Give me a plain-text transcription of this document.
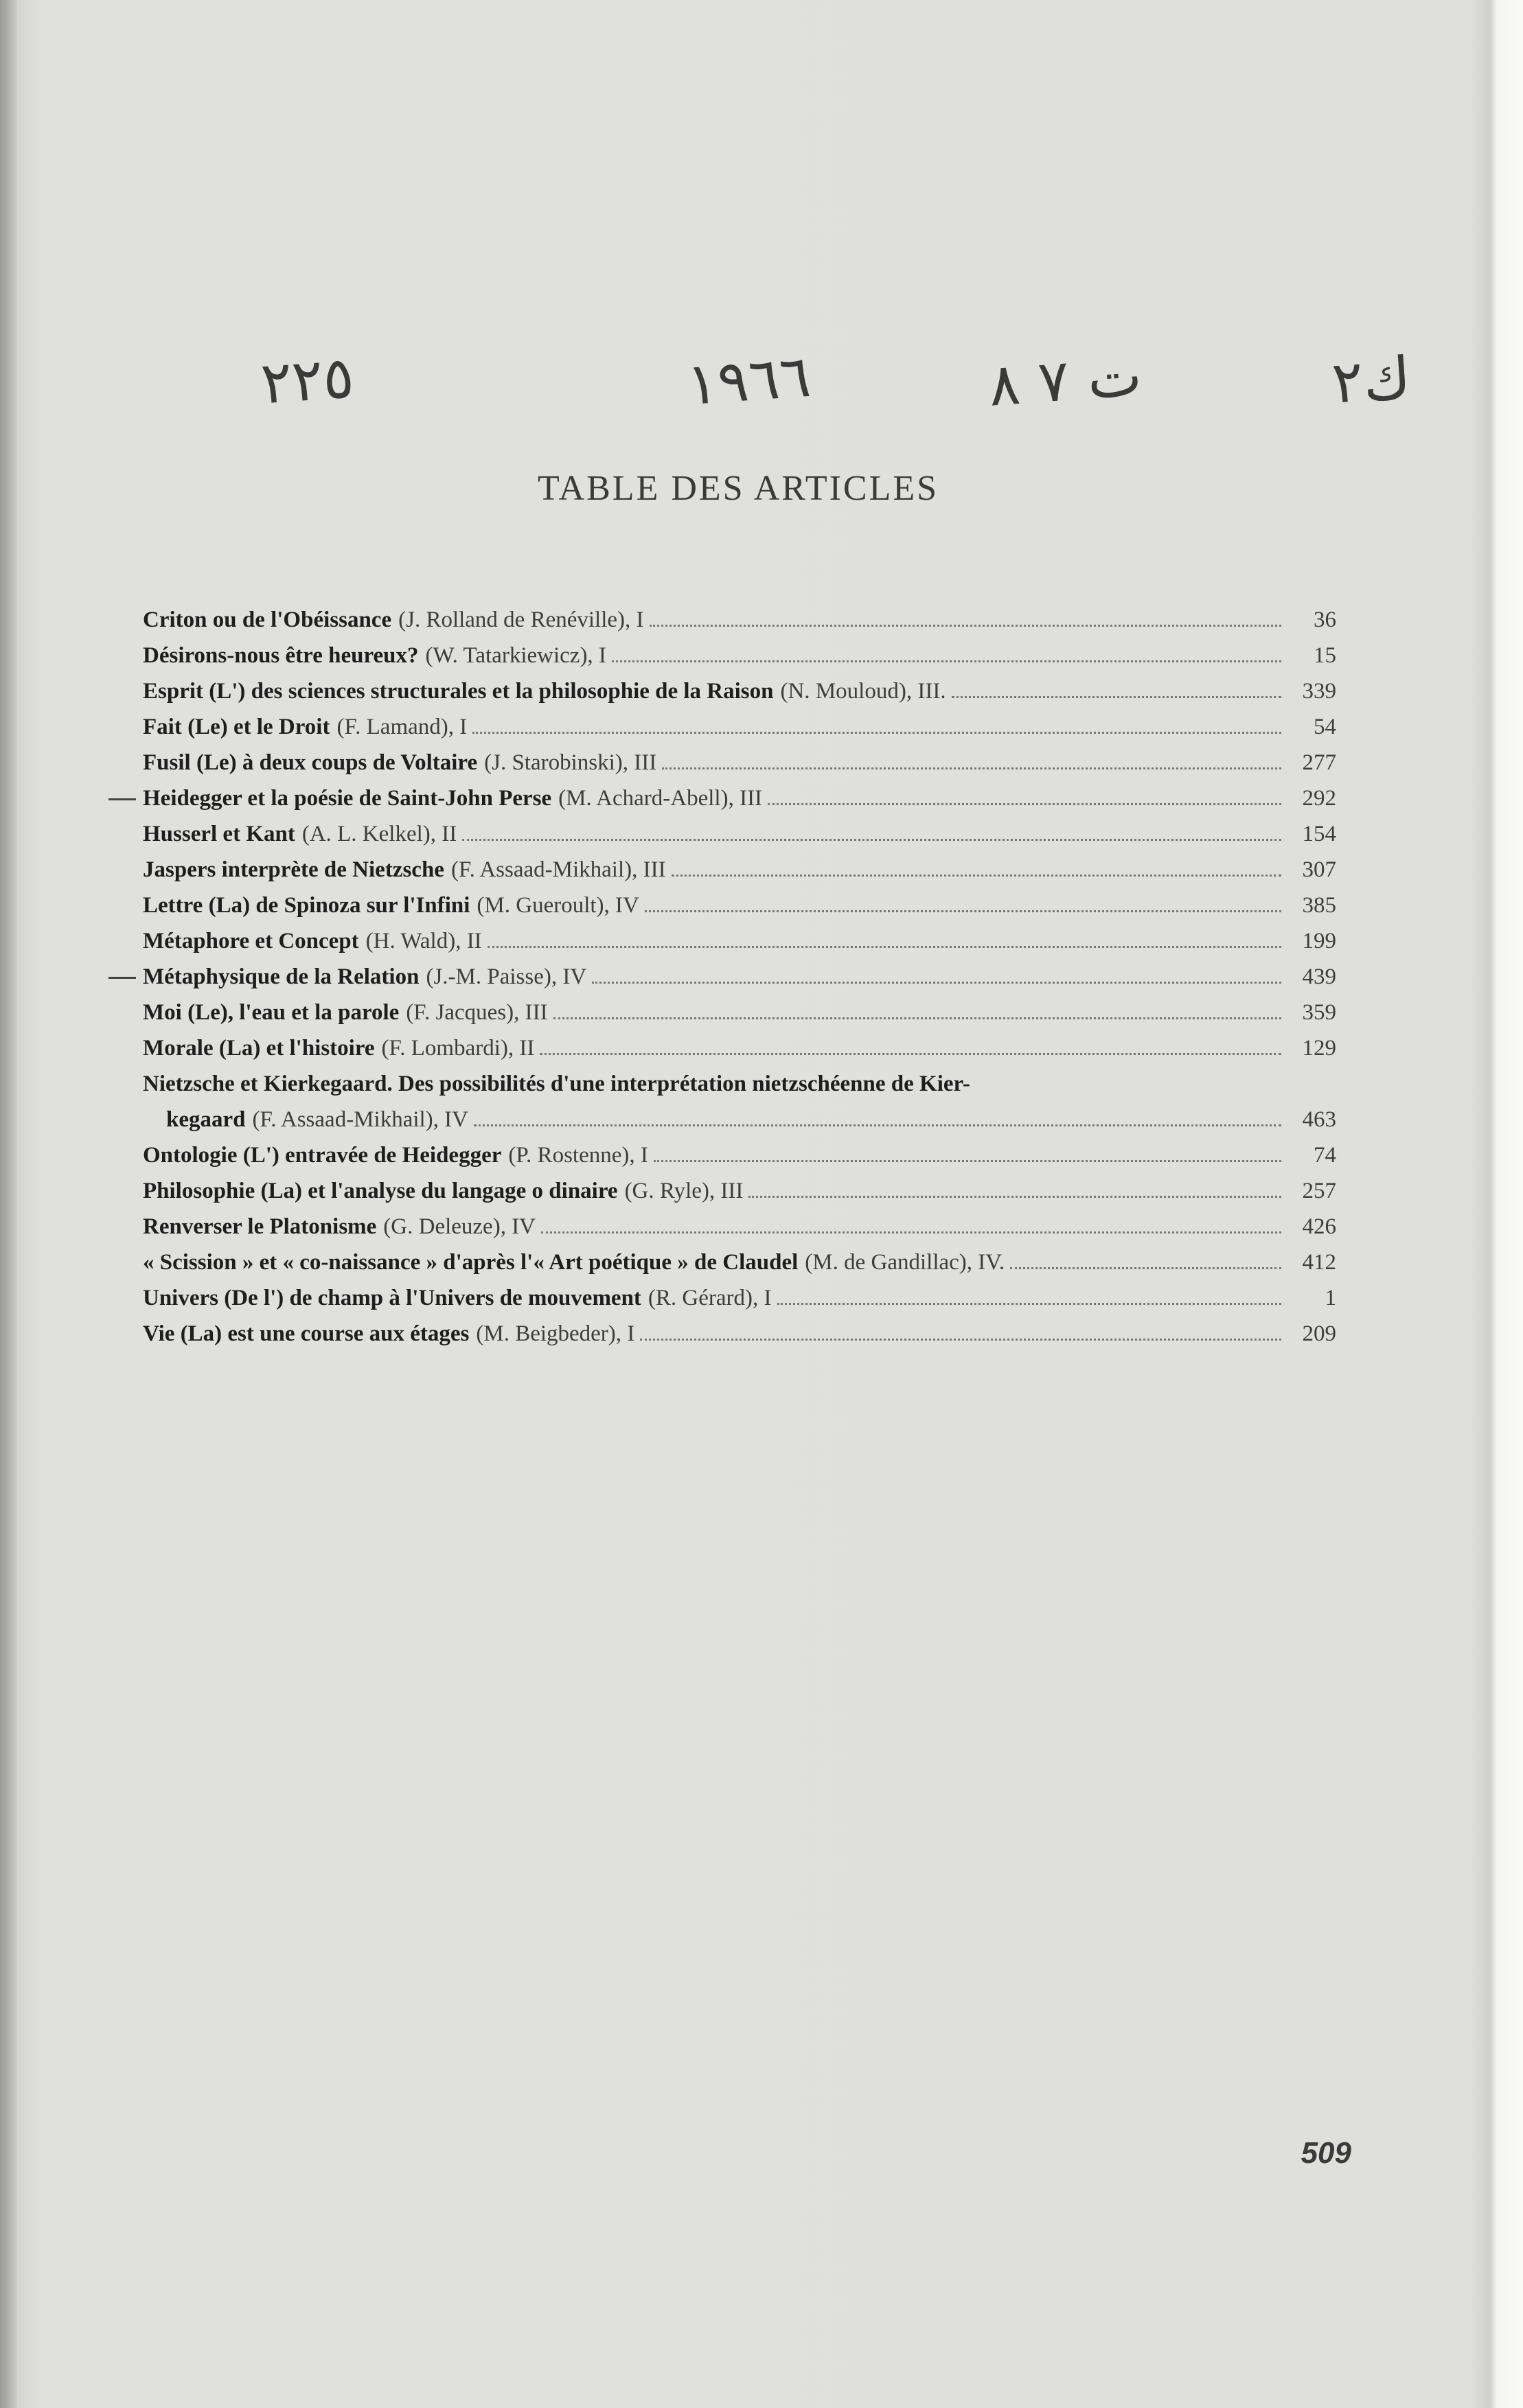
٢٢٥	١٩٦٦	ت ٧ ٨	ك٢
TABLE DES ARTICLES
Criton ou de l'Obéissance (J. Rolland de Renéville), I	36
Désirons-nous être heureux? (W. Tatarkiewicz), I	15
Esprit (L') des sciences structurales et la philosophie de la Raison (N. Mouloud), III.	339
Fait (Le) et le Droit (F. Lamand), I	54
Fusil (Le) à deux coups de Voltaire (J. Starobinski), III	277
Heidegger et la poésie de Saint-John Perse (M. Achard-Abell), III	292
Husserl et Kant (A. L. Kelkel), II	154
Jaspers interprète de Nietzsche (F. Assaad-Mikhail), III	307
Lettre (La) de Spinoza sur l'Infini (M. Gueroult), IV	385
Métaphore et Concept (H. Wald), II	199
Métaphysique de la Relation (J.-M. Paisse), IV	439
Moi (Le), l'eau et la parole (F. Jacques), III	359
Morale (La) et l'histoire (F. Lombardi), II	129
Nietzsche et Kierkegaard. Des possibilités d'une interprétation nietzschéenne de Kier-
kegaard (F. Assaad-Mikhail), IV	463
Ontologie (L') entravée de Heidegger (P. Rostenne), I	74
Philosophie (La) et l'analyse du langage o dinaire (G. Ryle), III	257
Renverser le Platonisme (G. Deleuze), IV	426
« Scission » et « co-naissance » d'après l'« Art poétique » de Claudel (M. de Gandillac), IV.	412
Univers (De l') de champ à l'Univers de mouvement (R. Gérard), I	1
Vie (La) est une course aux étages (M. Beigbeder), I	209
509
